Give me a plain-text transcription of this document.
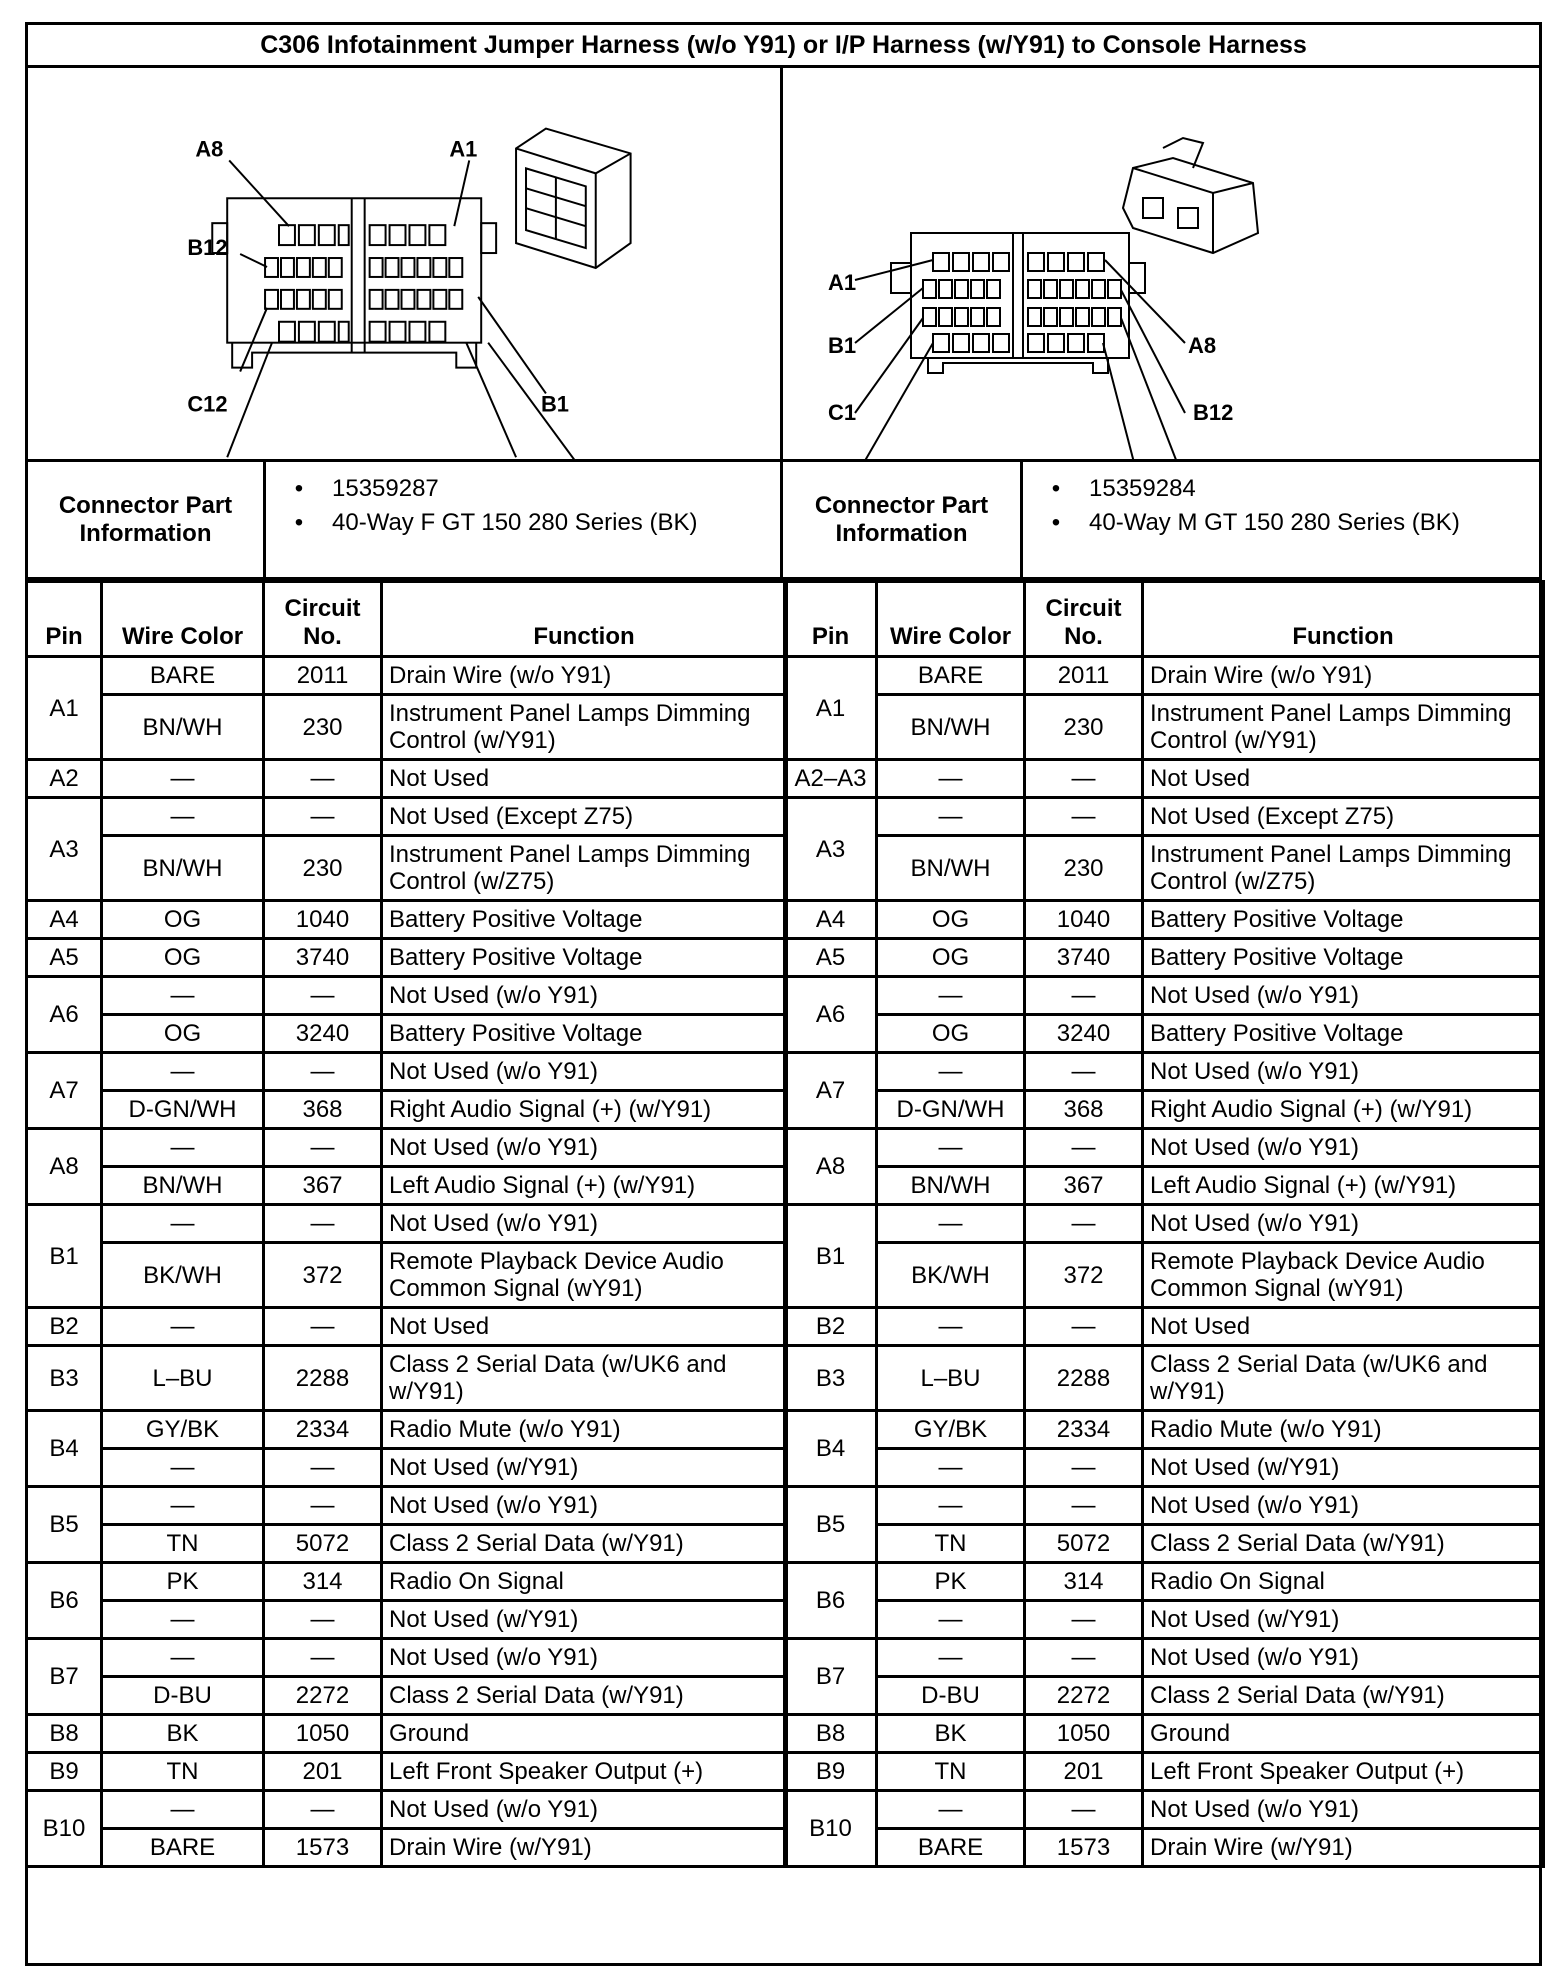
C306 Infotainment Jumper Harness (w/o Y91) or I/P Harness (w/Y91) to Console Harness
A8	A1
B12
B1
C12
A1
A8
B1
B12
C1
Connector Part Information
•	15359287
•	40-Way F GT 150 280 Series (BK)
Connector Part Information
•	15359284
•	40-Way M GT 150 280 Series (BK)
Pin	Wire Color	Circuit No.	Function
A1	BARE	2011	Drain Wire (w/o Y91)
	BN/WH	230	Instrument Panel Lamps Dimming Control (w/Y91)
A2	—	—	Not Used
A3	—	—	Not Used (Except Z75)
	BN/WH	230	Instrument Panel Lamps Dimming Control (w/Z75)
A4	OG	1040	Battery Positive Voltage
A5	OG	3740	Battery Positive Voltage
A6	—	—	Not Used (w/o Y91)
	OG	3240	Battery Positive Voltage
A7	—	—	Not Used (w/o Y91)
	D-GN/WH	368	Right Audio Signal (+) (w/Y91)
A8	—	—	Not Used (w/o Y91)
	BN/WH	367	Left Audio Signal (+) (w/Y91)
B1	—	—	Not Used (w/o Y91)
	BK/WH	372	Remote Playback Device Audio Common Signal (wY91)
B2	—	—	Not Used
B3	L–BU	2288	Class 2 Serial Data (w/UK6 and w/Y91)
B4	GY/BK	2334	Radio Mute (w/o Y91)
	—	—	Not Used (w/Y91)
B5	—	—	Not Used (w/o Y91)
	TN	5072	Class 2 Serial Data (w/Y91)
B6	PK	314	Radio On Signal
	—	—	Not Used (w/Y91)
B7	—	—	Not Used (w/o Y91)
	D-BU	2272	Class 2 Serial Data (w/Y91)
B8	BK	1050	Ground
B9	TN	201	Left Front Speaker Output (+)
B10	—	—	Not Used (w/o Y91)
	BARE	1573	Drain Wire (w/Y91)
Pin	Wire Color	Circuit No.	Function
A1	BARE	2011	Drain Wire (w/o Y91)
	BN/WH	230	Instrument Panel Lamps Dimming Control (w/Y91)
A2–A3	—	—	Not Used
A3	—	—	Not Used (Except Z75)
	BN/WH	230	Instrument Panel Lamps Dimming Control (w/Z75)
A4	OG	1040	Battery Positive Voltage
A5	OG	3740	Battery Positive Voltage
A6	—	—	Not Used (w/o Y91)
	OG	3240	Battery Positive Voltage
A7	—	—	Not Used (w/o Y91)
	D-GN/WH	368	Right Audio Signal (+) (w/Y91)
A8	—	—	Not Used (w/o Y91)
	BN/WH	367	Left Audio Signal (+) (w/Y91)
B1	—	—	Not Used (w/o Y91)
	BK/WH	372	Remote Playback Device Audio Common Signal (wY91)
B2	—	—	Not Used
B3	L–BU	2288	Class 2 Serial Data (w/UK6 and w/Y91)
B4	GY/BK	2334	Radio Mute (w/o Y91)
	—	—	Not Used (w/Y91)
B5	—	—	Not Used (w/o Y91)
	TN	5072	Class 2 Serial Data (w/Y91)
B6	PK	314	Radio On Signal
	—	—	Not Used (w/Y91)
B7	—	—	Not Used (w/o Y91)
	D-BU	2272	Class 2 Serial Data (w/Y91)
B8	BK	1050	Ground
B9	TN	201	Left Front Speaker Output (+)
B10	—	—	Not Used (w/o Y91)
	BARE	1573	Drain Wire (w/Y91)
